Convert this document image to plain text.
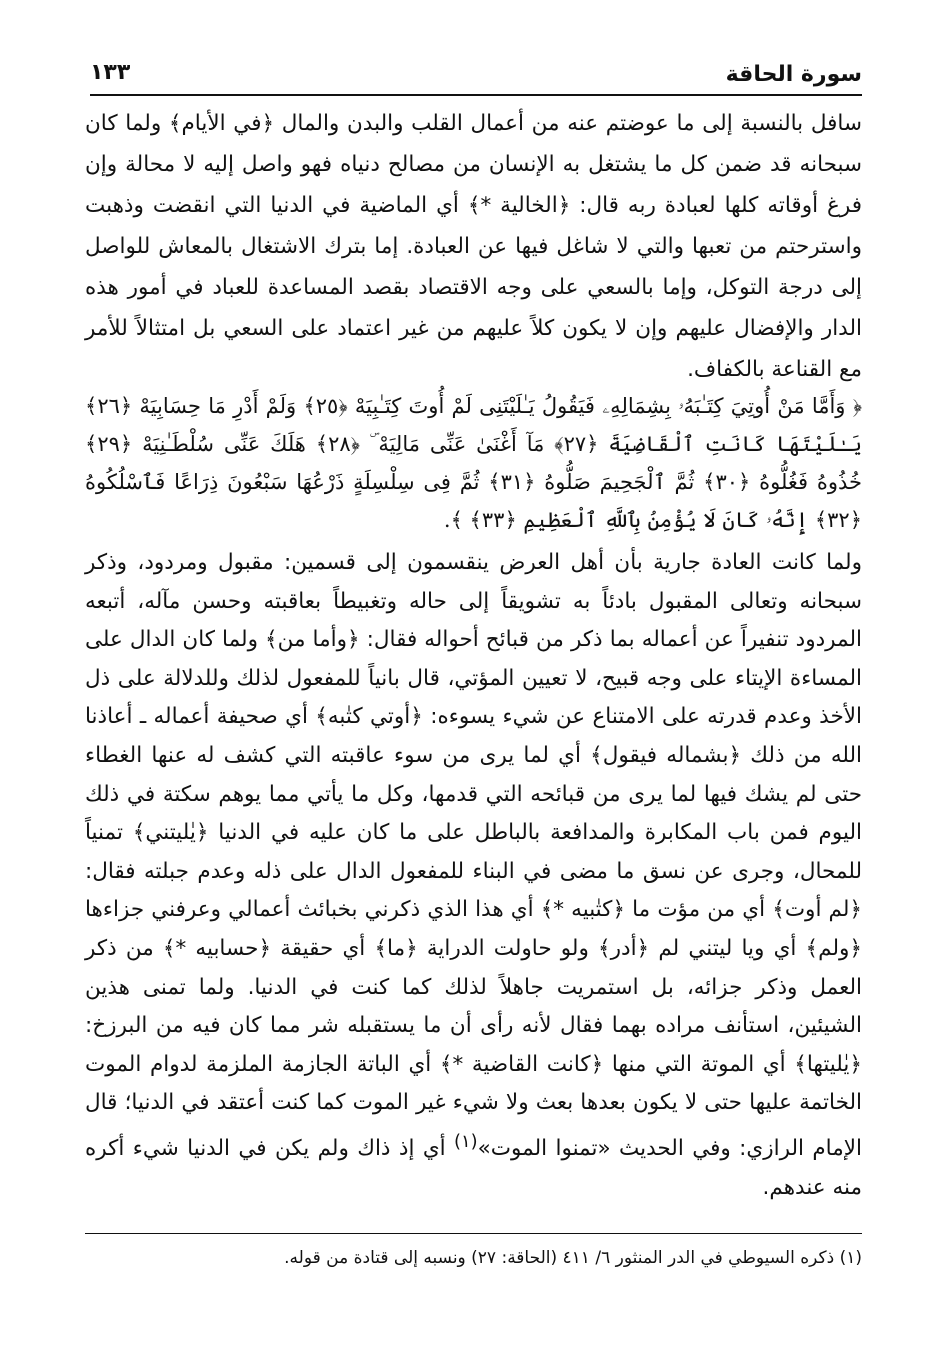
سورة الحاقة
١٣٣
سافل بالنسبة إلى ما عوضتم عنه من أعمال القلب والبدن والمال ﴿في الأيام﴾ ولما كان سبحانه قد ضمن كل ما يشتغل به الإنسان من مصالح دنياه فهو واصل إليه لا محالة وإن فرغ أوقاته كلها لعبادة ربه قال: ﴿الخالية *﴾ أي الماضية في الدنيا التي انقضت وذهبت واسترحتم من تعبها والتي لا شاغل فيها عن العبادة. إما بترك الاشتغال بالمعاش للواصل إلى درجة التوكل، وإما بالسعي على وجه الاقتصاد بقصد المساعدة للعباد في أمور هذه الدار والإفضال عليهم وإن لا يكون كلاً عليهم من غير اعتماد على السعي بل امتثالاً للأمر مع القناعة بالكفاف.
﴿ وَأَمَّا مَنْ أُوتِيَ كِتَـٰبَهُۥ بِشِمَالِهِۦ فَيَقُولُ يَـٰلَيْتَنِى لَمْ أُوتَ كِتَـٰبِيَهْ ﴿٢٥﴾ وَلَمْ أَدْرِ مَا حِسَابِيَهْ ﴿٢٦﴾ يَـٰلَيْتَهَا كَانَتِ ٱلْقَاضِيَةَ ﴿٢٧﴾ مَآ أَغْنَىٰ عَنِّى مَالِيَهْ ۜ ﴿٢٨﴾ هَلَكَ عَنِّى سُلْطَـٰنِيَهْ ﴿٢٩﴾ خُذُوهُ فَغُلُّوهُ ﴿٣٠﴾ ثُمَّ ٱلْجَحِيمَ صَلُّوهُ ﴿٣١﴾ ثُمَّ فِى سِلْسِلَةٍ ذَرْعُهَا سَبْعُونَ ذِرَاعًا فَٱسْلُكُوهُ ﴿٣٢﴾ إِنَّهُۥ كَانَ لَا يُؤْمِنُ بِٱللَّهِ ٱلْعَظِيمِ ﴿٣٣﴾ ﴾.
ولما كانت العادة جارية بأن أهل العرض ينقسمون إلى قسمين: مقبول ومردود، وذكر سبحانه وتعالى المقبول بادئاً به تشويقاً إلى حاله وتغبيطاً بعاقبته وحسن مآله، أتبعه المردود تنفيراً عن أعماله بما ذكر من قبائح أحواله فقال: ﴿وأما من﴾ ولما كان الدال على المساءة الإيتاء على وجه قبيح، لا تعيين المؤتي، قال بانياً للمفعول لذلك وللدلالة على ذل الأخذ وعدم قدرته على الامتناع عن شيء يسوءه: ﴿أوتي كتٰبه﴾ أي صحيفة أعماله ـ أعاذنا الله من ذلك ﴿بشماله فيقول﴾ أي لما يرى من سوء عاقبته التي كشف له عنها الغطاء حتى لم يشك فيها لما يرى من قبائحه التي قدمها، وكل ما يأتي مما يوهم سكتة في ذلك اليوم فمن باب المكابرة والمدافعة بالباطل على ما كان عليه في الدنيا ﴿يٰليتني﴾ تمنياً للمحال، وجرى عن نسق ما مضى في البناء للمفعول الدال على ذله وعدم جبلته فقال: ﴿لم أوت﴾ أي من مؤت ما ﴿كتٰبيه *﴾ أي هذا الذي ذكرني بخبائث أعمالي وعرفني جزاءها ﴿ولم﴾ أي ويا ليتني لم ﴿أدر﴾ ولو حاولت الدراية ﴿ما﴾ أي حقيقة ﴿حسابيه *﴾ من ذكر العمل وذكر جزائه، بل استمريت جاهلاً لذلك كما كنت في الدنيا. ولما تمنى هذين الشيئين، استأنف مراده بهما فقال لأنه رأى أن ما يستقبله شر مما كان فيه من البرزخ: ﴿يٰليتها﴾ أي الموتة التي منها ﴿كانت القاضية *﴾ أي الباتة الجازمة الملزمة لدوام الموت الخاتمة عليها حتى لا يكون بعدها بعث ولا شيء غير الموت كما كنت أعتقد في الدنيا؛ قال الإمام الرازي: وفي الحديث «تمنوا الموت»$^{(١)}$ أي إذ ذاك ولم يكن في الدنيا شيء أكره منه عندهم.
(١) ذكره السيوطي في الدر المنثور ٦/ ٤١١ (الحاقة: ٢٧) ونسبه إلى قتادة من قوله.
